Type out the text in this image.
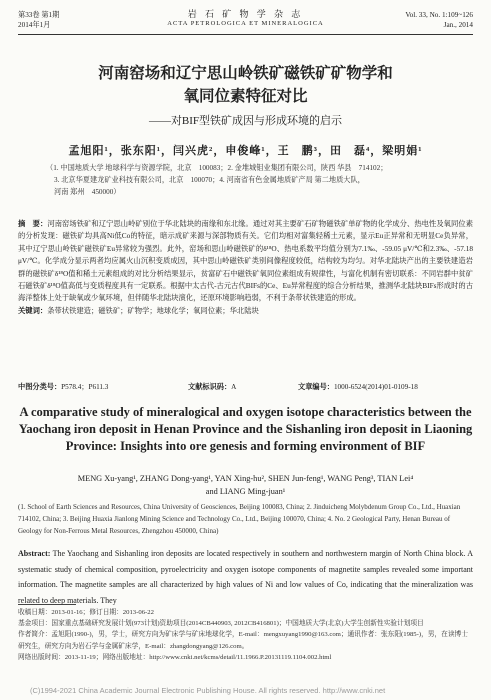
第33卷 第1期
2014年1月
岩 石 矿 物 学 杂 志
ACTA PETROLOGICA ET MINERALOGICA
Vol. 33, No. 1:109~126
Jan., 2014
河南窑场和辽宁思山岭铁矿磁铁矿矿物学和
氧同位素特征对比
——对BIF型铁矿成因与形成环境的启示
孟旭阳¹，张东阳¹，闫兴虎²，申俊峰¹，王　鹏³，田　磊⁴，梁明娟¹
（1. 中国地质大学 地球科学与资源学院，北京　100083；2. 金堆城钼业集团有限公司，陕西 华县　714102；
3. 北京华夏建龙矿业科技有限公司，北京　100070；4. 河南省有色金属地质矿产局 第二地质大队，
河南 郑州　450000）
摘　要：河南窑场铁矿和辽宁思山岭矿别位于华北陆块的南缘和东北缘。通过对其主要矿石矿物磁铁矿单矿物的化学成分、热电性及氧同位素的分析发现：磁铁矿均具高Ni低Co的特征，暗示成矿来源与深部物质有关。它们均相对富集轻稀土元素，显示Eu正异常和无明显Ce负异常，其中辽宁思山岭铁矿磁铁矿Eu异常较为强烈。此外，窑场和思山岭磁铁矿的δ¹⁸O、热电系数平均值分别为7.1‰、-59.05 μV/℃和2.3‰、-57.18 μV/℃。化学成分显示两者均应属火山沉积变质成因，其中思山岭磁铁矿类别间像程度较低，结构较为均匀。对华北陆块产出的主要铁建造岩群的磁铁矿δ¹⁸O值和稀土元素组成的对比分析结果显示，贫富矿石中磁铁矿氧同位素组成有规律性，与富化机制有密切联系：不同岩群中贫矿石磁铁矿δ¹⁸O值高低与变质程度具有一定联系。根据中太古代-古元古代BIFs的Ce、Eu异常程度的综合分析结果，推测华北陆块BIFs形成时的古海洋整体上处于缺氧或少氧环境，但伴随华北陆块演化，还原环境影响趋弱，不利于条带状铁建造的形成。
关键词：条带状铁建造；磁铁矿；矿物学；地球化学；氧同位素；华北陆块
中图分类号：P578.4；P611.3	文献标识码：A	文章编号：1000-6524(2014)01-0109-18
A comparative study of mineralogical and oxygen isotope characteristics between the Yaochang iron deposit in Henan Province and the Sishanling iron deposit in Liaoning Province: Insights into ore genesis and forming environment of BIF
MENG Xu-yang¹, ZHANG Dong-yang¹, YAN Xing-hu², SHEN Jun-feng¹, WANG Peng³, TIAN Lei⁴
and LIANG Ming-juan¹
(1. School of Earth Sciences and Resources, China University of Geosciences, Beijing 100083, China; 2. Jinduicheng Molybdenum Group Co., Ltd., Huaxian 714102, China; 3. Beijing Huaxia Jianlong Mining Science and Technology Co., Ltd., Beijing 100070, China; 4. No. 2 Geological Party, Henan Bureau of Geology for Non-Ferrous Metal Resources, Zhengzhou 450000, China)
Abstract: The Yaochang and Sishanling iron deposits are located respectively in southern and northwestern margin of North China block. A systematic study of chemical composition, pyroelectricity and oxygen isotope components of magnetite samples revealed some important information. The magnetite samples are all characterized by high values of Ni and low values of Co, indicating that the mineralization was related to deep materials. They
收稿日期：2013-01-16；修订日期：2013-06-22
基金项目：国家重点基础研究发展计划(973计划)资助项目(2014CB440903, 2012CB416801)；中国地质大学(北京)大学生创新性实验计划项目
作者简介：孟旭阳(1990-)，男，学士，研究方向为矿床学与矿床地球化学，E-mail：mengxuyang1990@163.com；通讯作者：张东阳(1985-)，男，在读博士研究生，研究方向为岩石学与金属矿床学，E-mail：zhangdongyang@126.com。
网络出版时间：2013-11-19；网络出版地址：http://www.cnki.net/kcms/detail/11.1966.P.20131119.1104.002.html
(C)1994-2021 China Academic Journal Electronic Publishing House. All rights reserved. http://www.cnki.net
